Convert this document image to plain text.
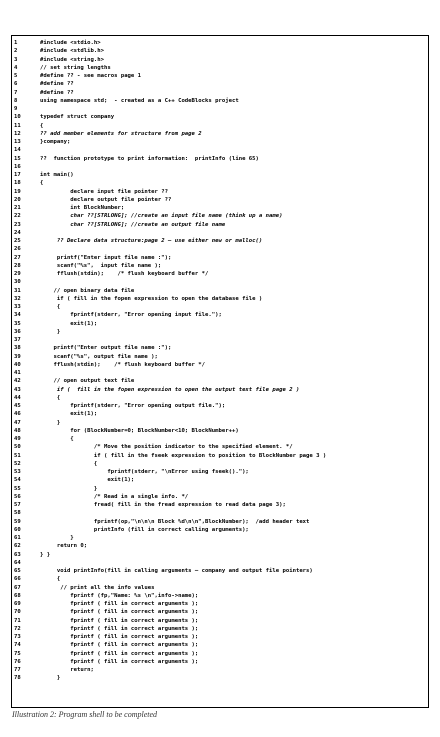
1	#include <stdio.h>
2	#include <stdlib.h>
3	#include <string.h>
4	// set string lengths
5	#define ?? - see macros page 1
6	#define ??
7	#define ??
8	using namespace std;  - created as a C++ CodeBlocks project
9
10	typedef struct company
11	{
12	?? add member elements for structure from page 2
13	}company;
14
15	??  function prototype to print information:  printInfo (line 65)
16
17	int main()
18	{
19	declare input file pointer ??
20	declare output file pointer ??
21	int BlockNumber;
22	char ??[STRLONG]; //create an input file name (think up a name)
23	char ??[STRLONG]; //create an output file name
24
25	?? Declare data structure:page 2 – use either new or malloc()
26
27	printf("Enter input file name :");
28	scanf("%s",  input file name );
29	fflush(stdin);    /* flush keyboard buffer */
30
31	// open binary data file
32	if ( fill in the fopen expression to open the database file )
33	{
34	fprintf(stderr, "Error opening input file.");
35	exit(1);
36	}
37
38	printf("Enter output file name :");
39	scanf("%s", output file name );
40	fflush(stdin);    /* flush keyboard buffer */
41
42	// open output text file
43	if (  fill in the fopen expression to open the output text file page 2 )
44	{
45	fprintf(stderr, "Error opening output file.");
46	exit(1);
47	}
48	for (BlockNumber=0; BlockNumber<10; BlockNumber++)
49	{
50	/* Move the position indicator to the specified element. */
51	if ( fill in the fseek expression to position to BlockNumber page 3 )
52	{
53	fprintf(stderr, "\nError using fseek().");
54	exit(1);
55	}
56	/* Read in a single info. */
57	fread( fill in the fread expression to read data page 3);
58
59	fprintf(op,"\n\n\n Block %d\n\n",BlockNumber);  /add header text
60	printInfo (fill in correct calling arguments);
61	}
62	return 0;
63	} }
64
65	void printInfo(fill in calling arguments – company and output file pointers)
66	{
67	// print all the info values
68	fprintf (fp,"Name: %s \n",info->name);
69	fprintf ( fill in correct arguments );
70	fprintf ( fill in correct arguments );
71	fprintf ( fill in correct arguments );
72	fprintf ( fill in correct arguments );
73	fprintf ( fill in correct arguments );
74	fprintf ( fill in correct arguments );
75	fprintf ( fill in correct arguments );
76	fprintf ( fill in correct arguments );
77	return;
78	}
Illustration 2: Program shell to be completed
